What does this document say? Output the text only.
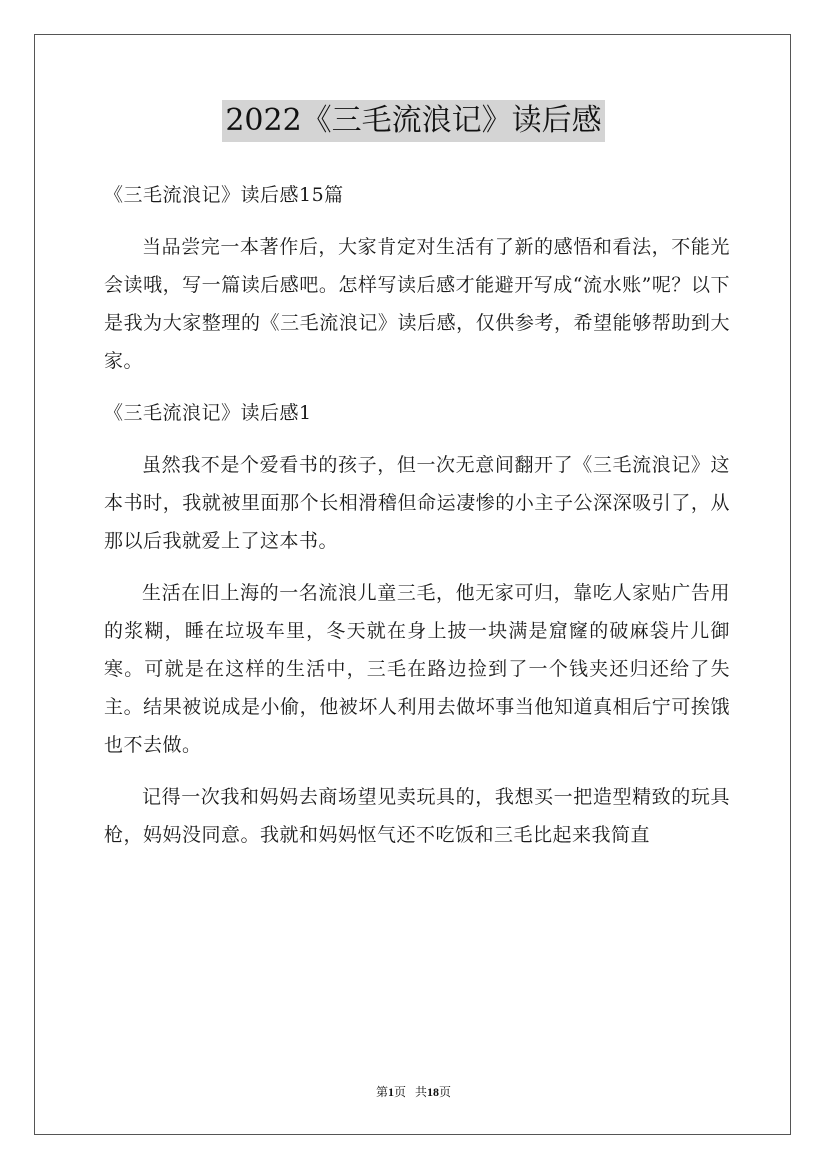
2022《三毛流浪记》读后感

《三毛流浪记》读后感15篇

当品尝完一本著作后，大家肯定对生活有了新的感悟和看法，不能光会读哦，写一篇读后感吧。怎样写读后感才能避开写成“流水账”呢？以下是我为大家整理的《三毛流浪记》读后感，仅供参考，希望能够帮助到大家。

《三毛流浪记》读后感1

虽然我不是个爱看书的孩子，但一次无意间翻开了《三毛流浪记》这本书时，我就被里面那个长相滑稽但命运凄惨的小主子公深深吸引了，从那以后我就爱上了这本书。

生活在旧上海的一名流浪儿童三毛，他无家可归，靠吃人家贴广告用的浆糊，睡在垃圾车里，冬天就在身上披一块满是窟窿的破麻袋片儿御寒。可就是在这样的生活中，三毛在路边捡到了一个钱夹还归还给了失主。结果被说成是小偷，他被坏人利用去做坏事当他知道真相后宁可挨饿也不去做。

记得一次我和妈妈去商场望见卖玩具的，我想买一把造型精致的玩具枪，妈妈没同意。我就和妈妈怄气还不吃饭和三毛比起来我简直

第1页 共18页
